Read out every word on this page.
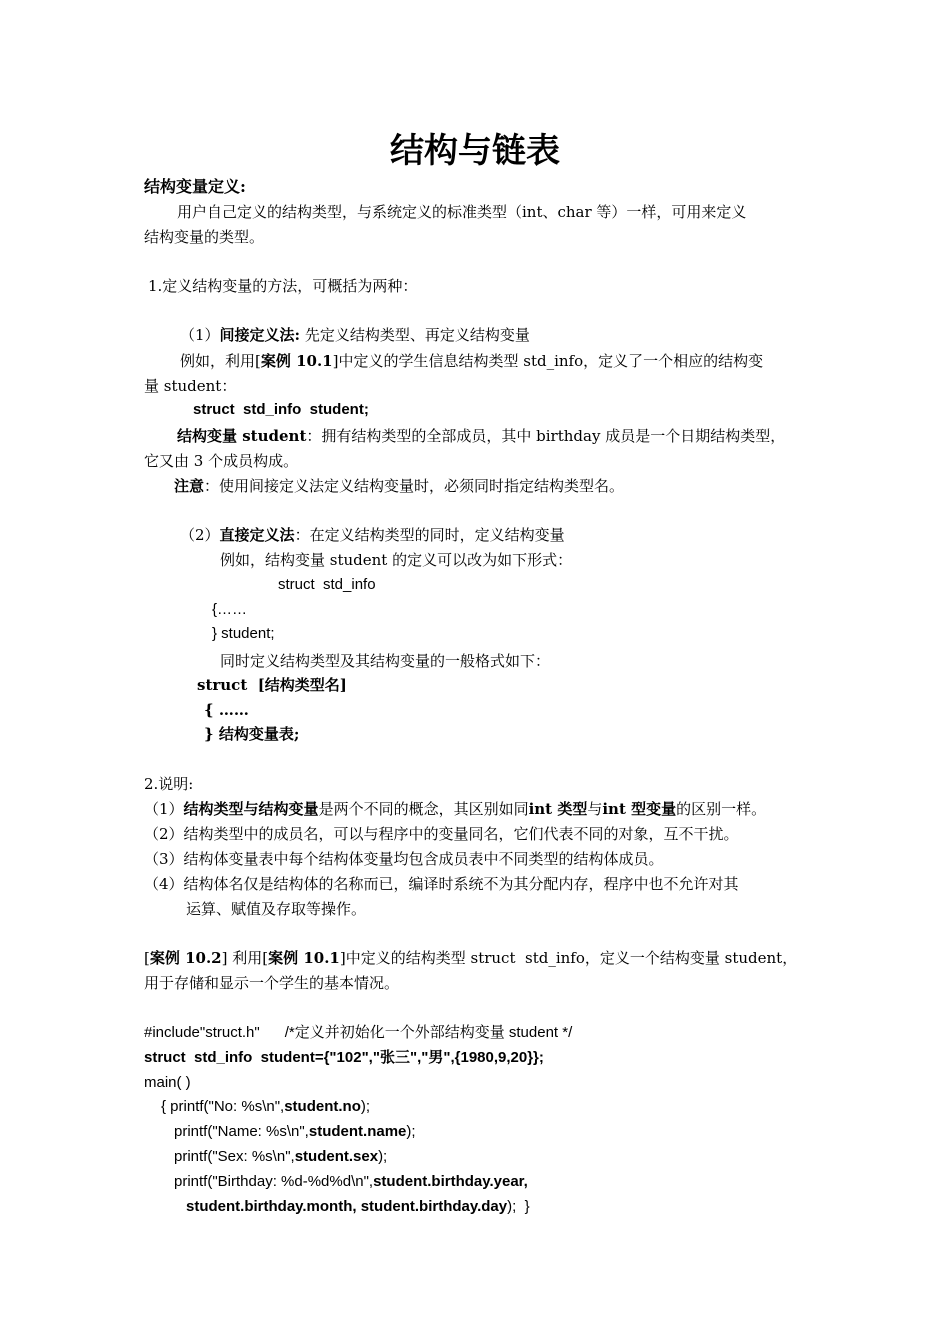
结构与链表
结构变量定义:
用户自己定义的结构类型，与系统定义的标准类型（int、char 等）一样，可用来定义
结构变量的类型。
1.定义结构变量的方法，可概括为两种：
（1）间接定义法: 先定义结构类型、再定义结构变量
例如，利用[案例 10.1]中定义的学生信息结构类型 std_info，定义了一个相应的结构变
量 student：
struct  std_info  student;
结构变量 student：拥有结构类型的全部成员，其中 birthday 成员是一个日期结构类型，
它又由 3 个成员构成。
注意：使用间接定义法定义结构变量时，必须同时指定结构类型名。
（2）直接定义法：在定义结构类型的同时，定义结构变量
例如，结构变量 student 的定义可以改为如下形式：
struct  std_info
{……
} student;
同时定义结构类型及其结构变量的一般格式如下：
struct  [结构类型名]
{ ……
} 结构变量表;
2.说明:
（1）结构类型与结构变量是两个不同的概念，其区别如同int 类型与int 型变量的区别一样。
（2）结构类型中的成员名，可以与程序中的变量同名，它们代表不同的对象，互不干扰。
（3）结构体变量表中每个结构体变量均包含成员表中不同类型的结构体成员。
（4）结构体名仅是结构体的名称而已，编译时系统不为其分配内存，程序中也不允许对其
运算、赋值及存取等操作。
[案例 10.2] 利用[案例 10.1]中定义的结构类型 struct  std_info，定义一个结构变量 student，
用于存储和显示一个学生的基本情况。
#include"struct.h"      /*定义并初始化一个外部结构变量 student */
struct  std_info  student={"102","张三","男",{1980,9,20}};
main( )
{ printf("No: %s\n",student.no);
printf("Name: %s\n",student.name);
printf("Sex: %s\n",student.sex);
printf("Birthday: %d-%d%d\n",student.birthday.year,
student.birthday.month, student.birthday.day);  }
